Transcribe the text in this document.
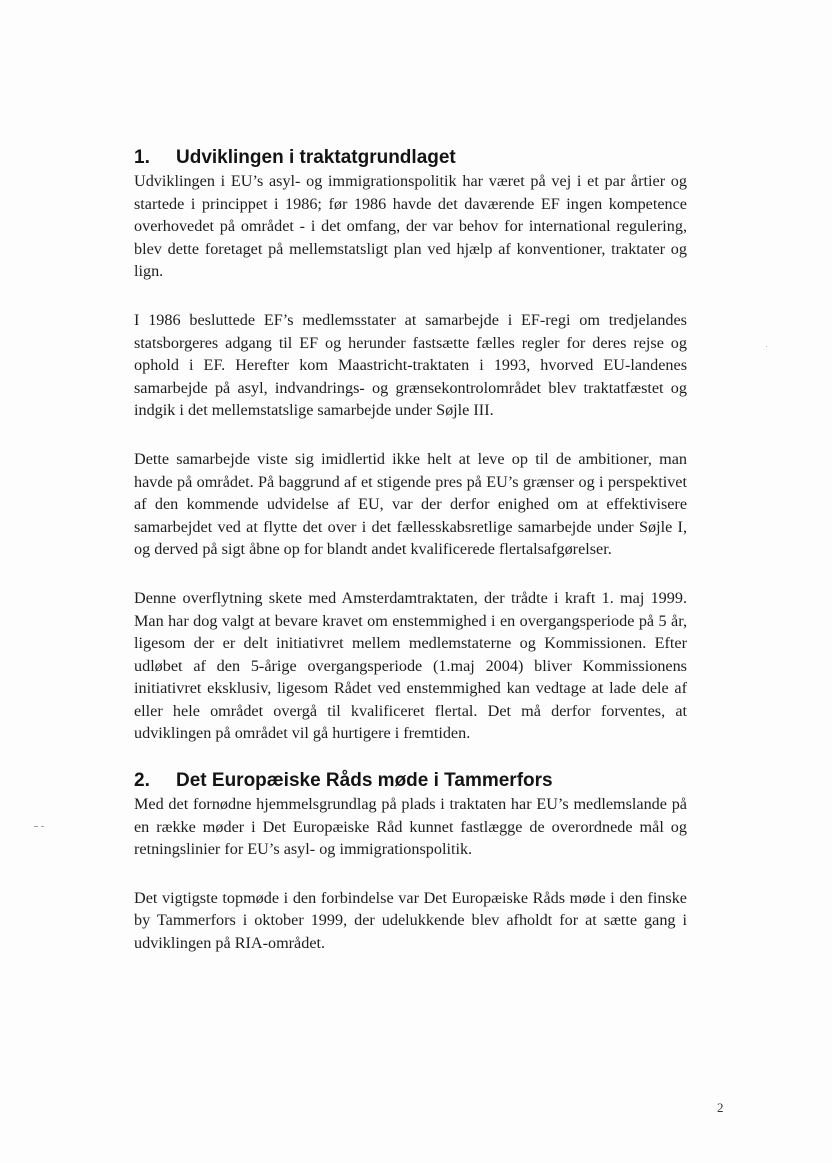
1.	Udviklingen i traktatgrundlaget

Udviklingen i EU’s asyl- og immigrationspolitik har været på vej i et par årtier og startede i princippet i 1986; før 1986 havde det daværende EF ingen kompetence overhovedet på området - i det omfang, der var behov for international regulering, blev dette foretaget på mellemstatsligt plan ved hjælp af konventioner, traktater og lign.

I 1986 besluttede EF’s medlemsstater at samarbejde i EF-regi om tredjelandes statsborgeres adgang til EF og herunder fastsætte fælles regler for deres rejse og ophold i EF. Herefter kom Maastricht-traktaten i 1993, hvorved EU-landenes samarbejde på asyl, indvandrings- og grænsekontrolområdet blev traktatfæstet og indgik i det mellemstatslige samarbejde under Søjle III.

Dette samarbejde viste sig imidlertid ikke helt at leve op til de ambitioner, man havde på området. På baggrund af et stigende pres på EU’s grænser og i perspektivet af den kommende udvidelse af EU, var der derfor enighed om at effektivisere samarbejdet ved at flytte det over i det fællesskabsretlige samarbejde under Søjle I, og derved på sigt åbne op for blandt andet kvalificerede flertalsafgørelser.

Denne overflytning skete med Amsterdamtraktaten, der trådte i kraft 1. maj 1999. Man har dog valgt at bevare kravet om enstemmighed i en overgangsperiode på 5 år, ligesom der er delt initiativret mellem medlemstaterne og Kommissionen. Efter udløbet af den 5-årige overgangsperiode (1.maj 2004) bliver Kommissionens initiativret eksklusiv, ligesom Rådet ved enstemmighed kan vedtage at lade dele af eller hele området overgå til kvalificeret flertal. Det må derfor forventes, at udviklingen på området vil gå hurtigere i fremtiden.

2.	Det Europæiske Råds møde i Tammerfors

Med det fornødne hjemmelsgrundlag på plads i traktaten har EU’s medlemslande på en række møder i Det Europæiske Råd kunnet fastlægge de overordnede mål og retningslinier for EU’s asyl- og immigrationspolitik.

Det vigtigste topmøde i den forbindelse var Det Europæiske Råds møde i den finske by Tammerfors i oktober 1999, der udelukkende blev afholdt for at sætte gang i udviklingen på RIA-området.

2
